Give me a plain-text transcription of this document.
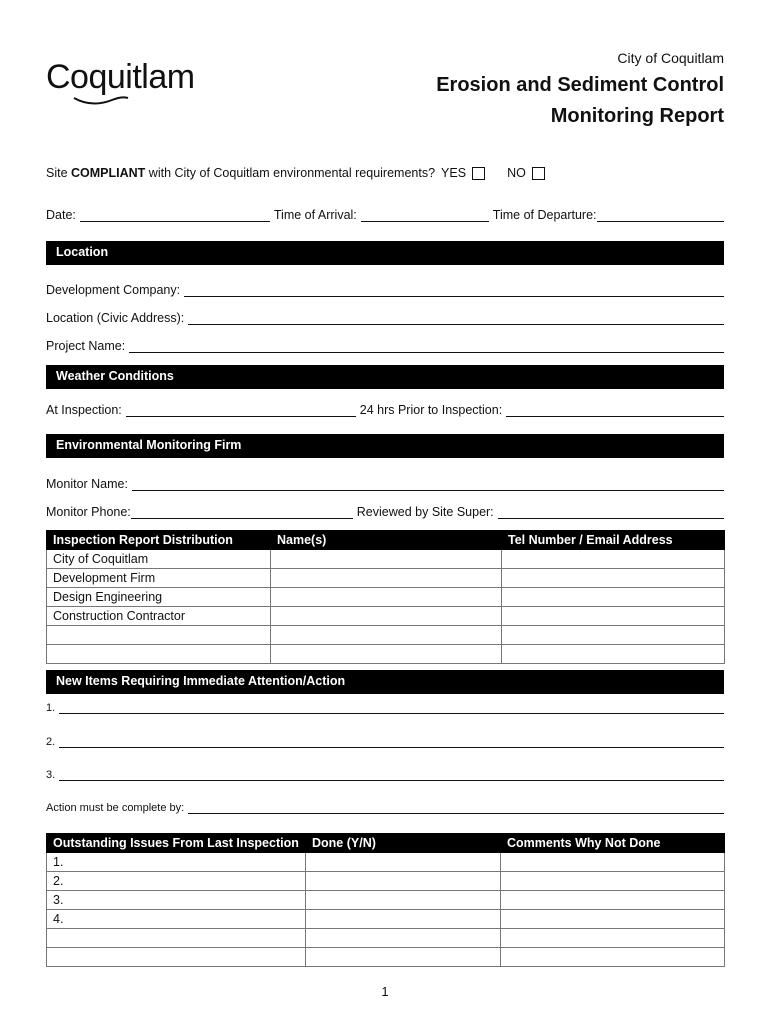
Coquitlam	City of Coquitlam
Erosion and Sediment Control
Monitoring Report
Site COMPLIANT with City of Coquitlam environmental requirements? YES	NO
Date:	Time of Arrival:	Time of Departure:
Location
Development Company:
Location (Civic Address):
Project Name:
Weather Conditions
At Inspection:	24 hrs Prior to Inspection:
Environmental Monitoring Firm
Monitor Name:
Monitor Phone:	Reviewed by Site Super:
Inspection Report Distribution	Name(s)	Tel Number / Email Address
City of Coquitlam		
Development Firm		
Design Engineering		
Construction Contractor		

New Items Requiring Immediate Attention/Action
1.
2.
3.
Action must be complete by:
Outstanding Issues From Last Inspection	Done (Y/N)	Comments Why Not Done
1.		
2.		
3.		
4.		

1
